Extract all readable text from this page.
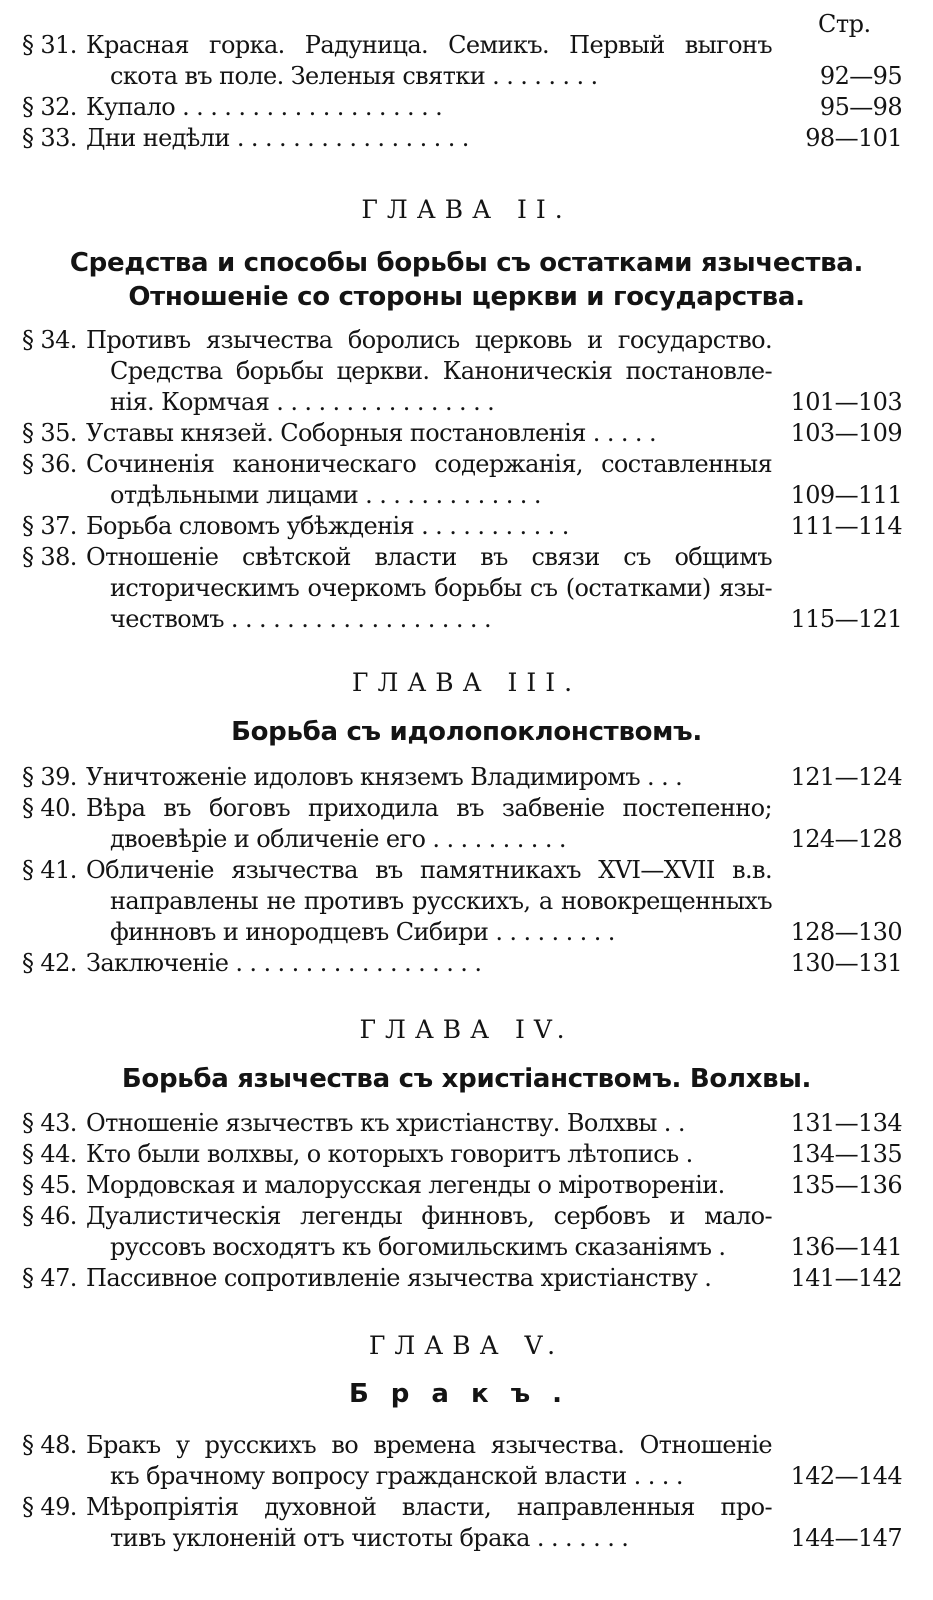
Стр.
§ 31. Красная горка. Радуница. Семикъ. Первый выгонъ
скота въ поле. Зеленыя святки . . . . . . . .	92—95
§ 32. Купало . . . . . . . . . . . . . . . . . . .	95—98
§ 33. Дни недѣли . . . . . . . . . . . . . . . . .	98—101
ГЛАВА II.
Средства и способы борьбы съ остатками язычества.
Отношеніе со стороны церкви и государства.
§ 34. Противъ язычества боролись церковь и государство.
Средства борьбы церкви. Каноническія постановле-
нія. Кормчая . . . . . . . . . . . . . . . .	101—103
§ 35. Уставы князей. Соборныя постановленія . . . . .	103—109
§ 36. Сочиненія каноническаго содержанія, составленныя
отдѣльными лицами . . . . . . . . . . . . .	109—111
§ 37. Борьба словомъ убѣжденія . . . . . . . . . . .	111—114
§ 38. Отношеніе свѣтской власти въ связи съ общимъ
историческимъ очеркомъ борьбы съ (остатками) язы-
чествомъ . . . . . . . . . . . . . . . . . . .	115—121
ГЛАВА III.
Борьба съ идолопоклонствомъ.
§ 39. Уничтоженіе идоловъ княземъ Владимиромъ . . .	121—124
§ 40. Вѣра въ боговъ приходила въ забвеніе постепенно;
двоевѣріе и обличеніе его . . . . . . . . . .	124—128
§ 41. Обличеніе язычества въ памятникахъ XVI—XVII в.в.
направлены не противъ русскихъ, а новокрещенныхъ
финновъ и инородцевъ Сибири . . . . . . . . .	128—130
§ 42. Заключеніе . . . . . . . . . . . . . . . . . .	130—131
ГЛАВА IV.
Борьба язычества съ христіанствомъ. Волхвы.
§ 43. Отношеніе язычествъ къ христіанству. Волхвы . .	131—134
§ 44. Кто были волхвы, о которыхъ говоритъ лѣтопись .	134—135
§ 45. Мордовская и малорусская легенды о міротвореніи.	135—136
§ 46. Дуалистическія легенды финновъ, сербовъ и мало-
руссовъ восходятъ къ богомильскимъ сказаніямъ .	136—141
§ 47. Пассивное сопротивленіе язычества христіанству .	141—142
ГЛАВА V.
Бракъ.
§ 48. Бракъ у русскихъ во времена язычества. Отношеніе
къ брачному вопросу гражданской власти . . . .	142—144
§ 49. Мѣропріятія духовной власти, направленныя про-
тивъ уклоненій отъ чистоты брака . . . . . . .	144—147
